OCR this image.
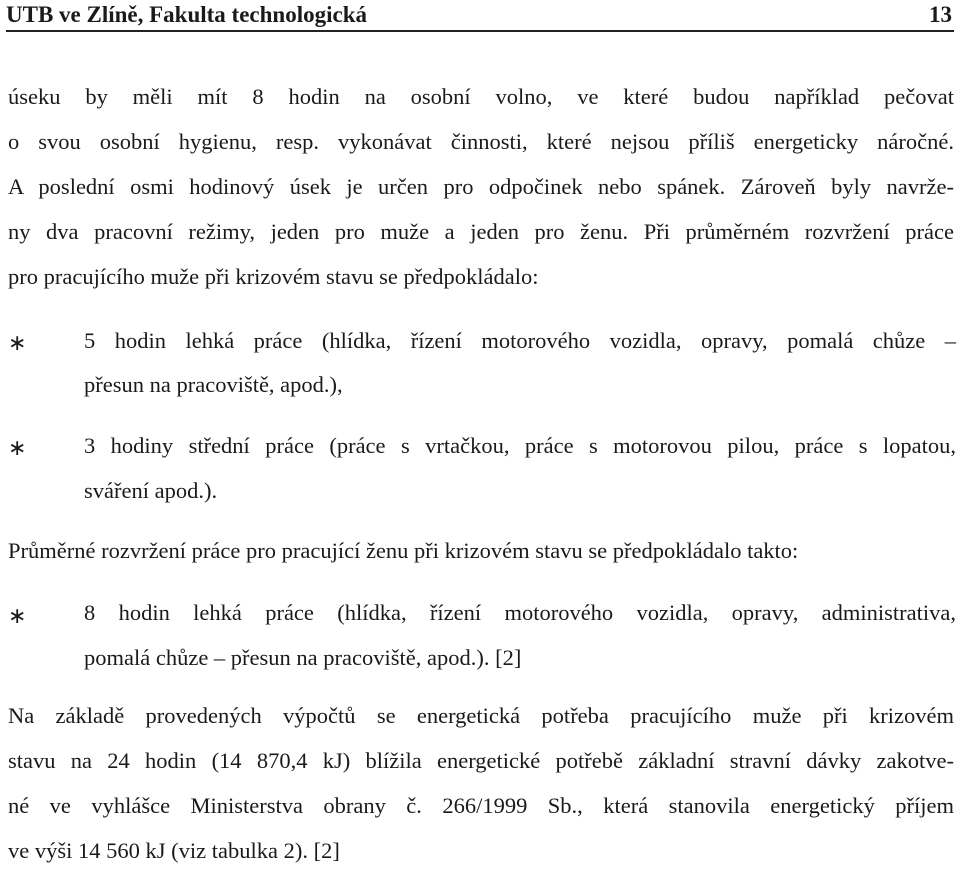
UTB ve Zlíně, Fakulta technologická	13
úseku by měli mít 8 hodin na osobní volno, ve které budou například pečovat
o svou osobní hygienu, resp. vykonávat činnosti, které nejsou příliš energeticky náročné.
A poslední osmi hodinový úsek je určen pro odpočinek nebo spánek. Zároveň byly navrže-
ny dva pracovní režimy, jeden pro muže a jeden pro ženu. Při průměrném rozvržení práce
pro pracujícího muže při krizovém stavu se předpokládalo:
∗	5 hodin lehká práce (hlídka, řízení motorového vozidla, opravy, pomalá chůze –
přesun na pracoviště, apod.),
∗	3 hodiny střední práce (práce s vrtačkou, práce s motorovou pilou, práce s lopatou,
sváření apod.).
Průměrné rozvržení práce pro pracující ženu při krizovém stavu se předpokládalo takto:
∗	8 hodin lehká práce (hlídka, řízení motorového vozidla, opravy, administrativa,
pomalá chůze – přesun na pracoviště, apod.). [2]
Na základě provedených výpočtů se energetická potřeba pracujícího muže při krizovém
stavu na 24 hodin (14 870,4 kJ) blížila energetické potřebě základní stravní dávky zakotve-
né ve vyhlášce Ministerstva obrany č. 266/1999 Sb., která stanovila energetický příjem
ve výši 14 560 kJ (viz tabulka 2). [2]
